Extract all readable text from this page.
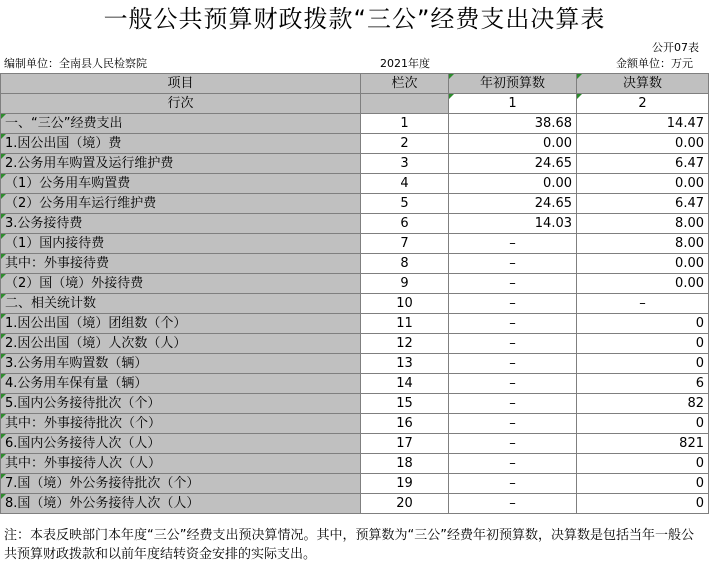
一般公共预算财政拨款“三公”经费支出决算表
公开07表
编制单位：全南县人民检察院	2021年度	金额单位：万元
项目	栏次	年初预算数	决算数
行次		1	2
一、“三公”经费支出	1	38.68	14.47
1.因公出国（境）费	2	0.00	0.00
2.公务用车购置及运行维护费	3	24.65	6.47
（1）公务用车购置费	4	0.00	0.00
（2）公务用车运行维护费	5	24.65	6.47
3.公务接待费	6	14.03	8.00
（1）国内接待费	7	–	8.00
其中：外事接待费	8	–	0.00
（2）国（境）外接待费	9	–	0.00
二、相关统计数	10	–	–
1.因公出国（境）团组数（个）	11	–	0
2.因公出国（境）人次数（人）	12	–	0
3.公务用车购置数（辆）	13	–	0
4.公务用车保有量（辆）	14	–	6
5.国内公务接待批次（个）	15	–	82
其中：外事接待批次（个）	16	–	0
6.国内公务接待人次（人）	17	–	821
其中：外事接待人次（人）	18	–	0
7.国（境）外公务接待批次（个）	19	–	0
8.国（境）外公务接待人次（人）	20	–	0
注：本表反映部门本年度“三公”经费支出预决算情况。其中，预算数为“三公”经费年初预算数，决算数是包括当年一般公共预算财政拨款和以前年度结转资金安排的实际支出。
